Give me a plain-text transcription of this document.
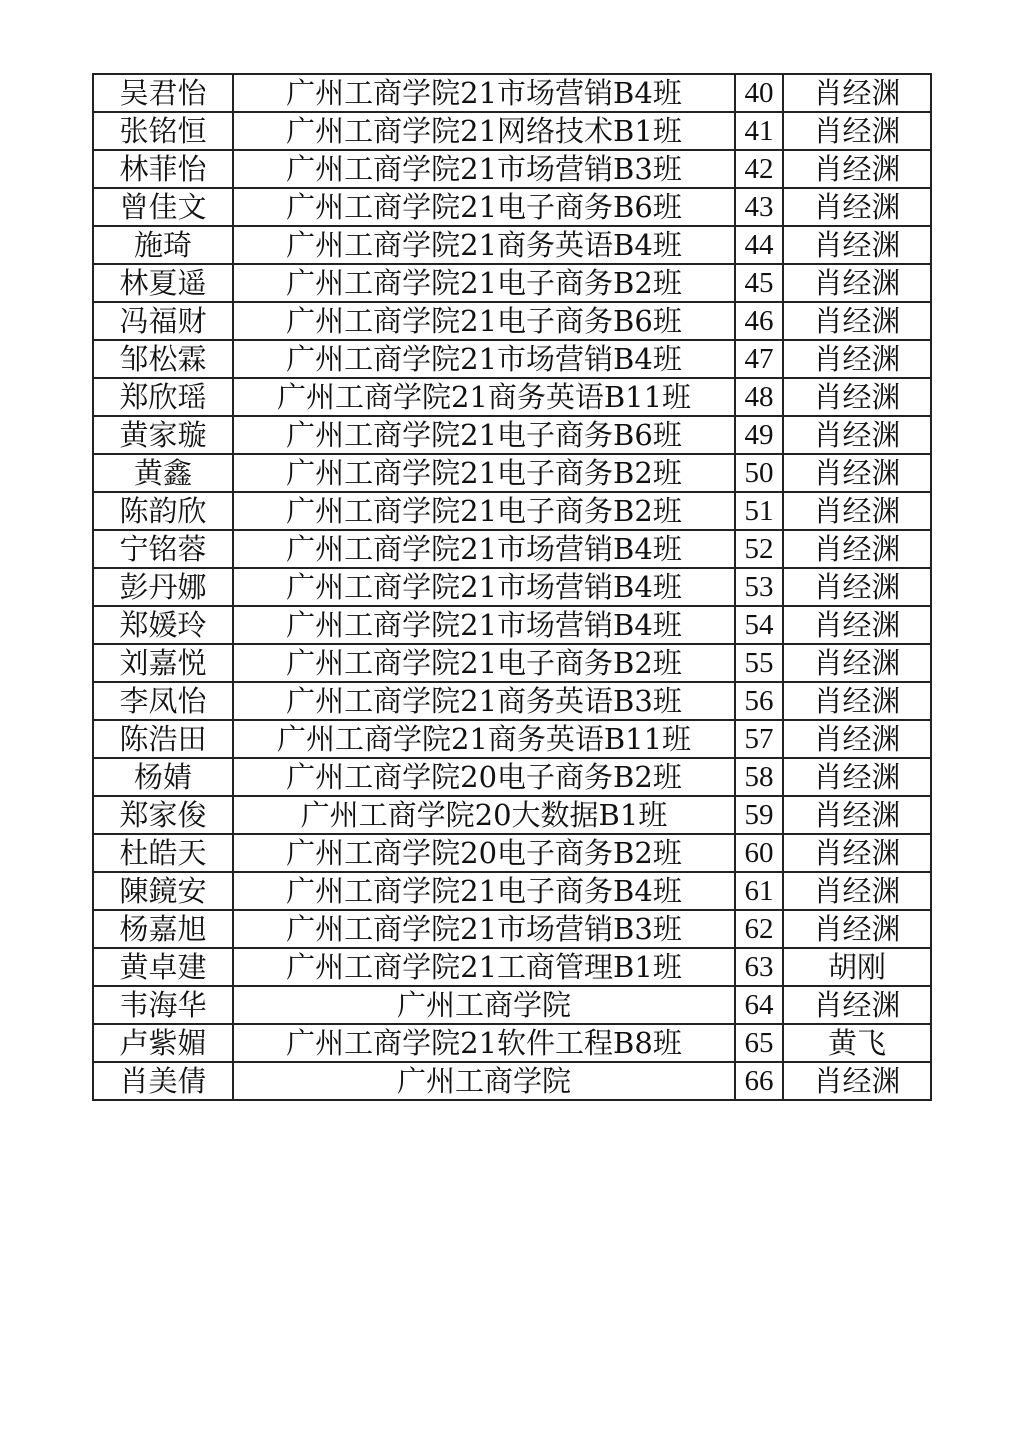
吴君怡	广州工商学院21市场营销B4班	40	肖经渊
张铭恒	广州工商学院21网络技术B1班	41	肖经渊
林菲怡	广州工商学院21市场营销B3班	42	肖经渊
曾佳文	广州工商学院21电子商务B6班	43	肖经渊
施琦	广州工商学院21商务英语B4班	44	肖经渊
林夏遥	广州工商学院21电子商务B2班	45	肖经渊
冯福财	广州工商学院21电子商务B6班	46	肖经渊
邹松霖	广州工商学院21市场营销B4班	47	肖经渊
郑欣瑶	广州工商学院21商务英语B11班	48	肖经渊
黄家璇	广州工商学院21电子商务B6班	49	肖经渊
黄鑫	广州工商学院21电子商务B2班	50	肖经渊
陈韵欣	广州工商学院21电子商务B2班	51	肖经渊
宁铭蓉	广州工商学院21市场营销B4班	52	肖经渊
彭丹娜	广州工商学院21市场营销B4班	53	肖经渊
郑媛玲	广州工商学院21市场营销B4班	54	肖经渊
刘嘉悦	广州工商学院21电子商务B2班	55	肖经渊
李凤怡	广州工商学院21商务英语B3班	56	肖经渊
陈浩田	广州工商学院21商务英语B11班	57	肖经渊
杨婧	广州工商学院20电子商务B2班	58	肖经渊
郑家俊	广州工商学院20大数据B1班	59	肖经渊
杜皓天	广州工商学院20电子商务B2班	60	肖经渊
陳鏡安	广州工商学院21电子商务B4班	61	肖经渊
杨嘉旭	广州工商学院21市场营销B3班	62	肖经渊
黄卓建	广州工商学院21工商管理B1班	63	胡刚
韦海华	广州工商学院	64	肖经渊
卢紫媚	广州工商学院21软件工程B8班	65	黄飞
肖美倩	广州工商学院	66	肖经渊
